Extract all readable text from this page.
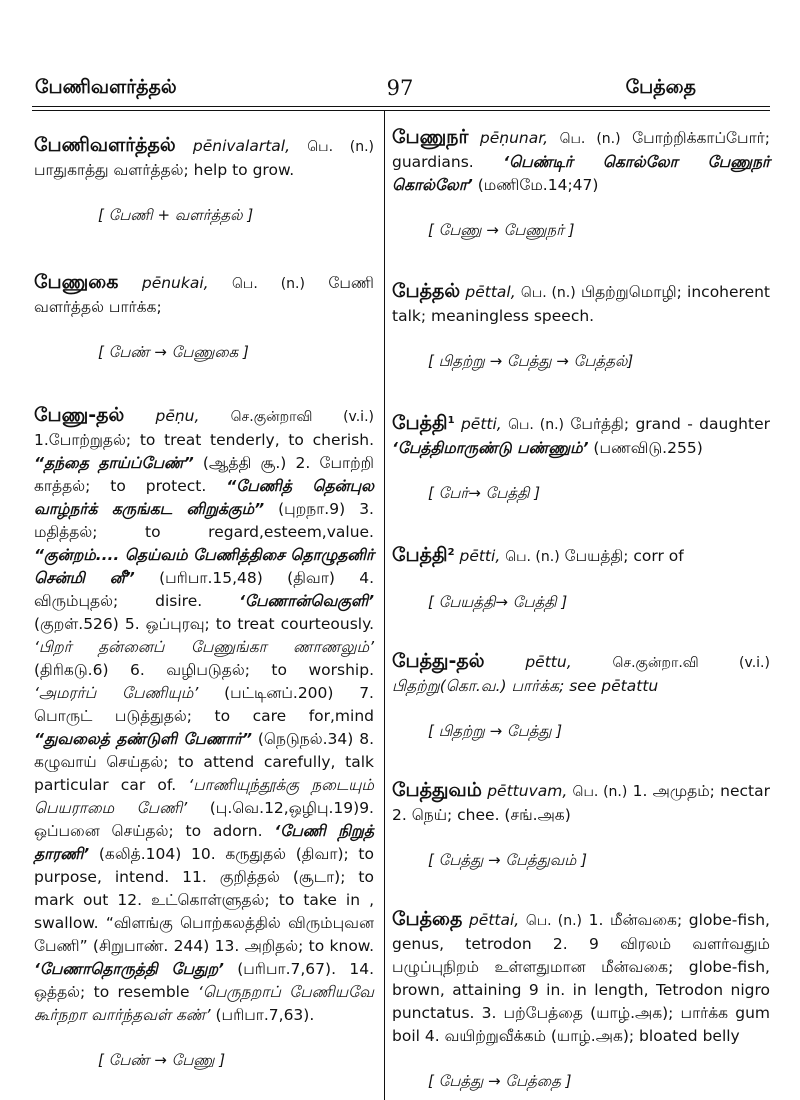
பேணிவளர்த்தல்	97	பேத்தை
பேணிவளர்த்தல் pēnivalartal, பெ. (n.) பாதுகாத்து வளர்த்தல்; help to grow.
[ பேணி + வளர்த்தல் ]
பேணுகை pēnukai, பெ. (n.) பேணி வளர்த்தல் பார்க்க;
[ பேண் → பேணுகை ]
பேணு-தல் pēṇu, செ.குன்றாவி (v.i.) 1.போற்றுதல்; to treat tenderly, to cherish. “தந்தை தாய்ப்பேண்” (ஆத்தி சூ.) 2. போற்றி காத்தல்; to protect. “பேணித் தென்புல வாழ்நர்க் கருங்கட னிறுக்கும்” (புறநா.9) 3. மதித்தல்; to regard,esteem,value. “குன்றம்.... தெய்வம் பேணித்திசை தொழுதனிர் சென்மி னீ” (பரிபா.15,48) (திவா) 4. விரும்புதல்; disire. ‘பேணான்வெகுளி’ (குறள்.526) 5. ஒப்புரவு; to treat courteously. ‘பிறர் தன்னைப் பேணுங்கா ணாணலும்’ (திரிகடு.6) 6. வழிபடுதல்; to worship. ‘அமரர்ப் பேணியும்’ (பட்டினப்.200) 7. பொருட் படுத்துதல்; to care for,mind “துவலைத் தண்டுளி பேணார்” (நெடுநல்.34) 8. கழுவாய் செய்தல்; to attend carefully, talk particular car of. ‘பாணியுந்தூக்கு நடையும் பெயராமை பேணி’ (பு.வெ.12,ஒழிபு.19)9. ஒப்பனை செய்தல்; to adorn. ‘பேணி நிறுத் தாரணி’ (கலித்.104) 10. கருதுதல் (திவா); to purpose, intend. 11. குறித்தல் (சூடா); to mark out 12. உட்கொள்ளுதல்; to take in , swallow. “விளங்கு பொற்கலத்தில் விரும்புவன பேணி” (சிறுபாண். 244) 13. அறிதல்; to know. ‘பேணாதொருத்தி பேதுற’ (பரிபா.7,67). 14. ஒத்தல்; to resemble ‘பெருநறாப் பேணியவே கூர்நறா வார்ந்தவள் கண்’ (பரிபா.7,63).
[ பேண் → பேணு ]
பேணுநர் pēṇunar, பெ. (n.) போற்றிக்காப்போர்; guardians. ‘பெண்டிர் கொல்லோ பேணுநர் கொல்லோ’ (மணிமே.14;47)
[ பேணு → பேணுநர் ]
பேத்தல் pēttal, பெ. (n.) பிதற்றுமொழி; incoherent talk; meaningless speech.
[ பிதற்று → பேத்து → பேத்தல்]
பேத்தி$^1$ pētti, பெ. (n.) பேர்த்தி; grand - daughter ‘பேத்திமாருண்டு பண்ணும்’ (பணவிடு.255)
[ பேர்→ பேத்தி ]
பேத்தி$^2$ pētti, பெ. (n.) பேயத்தி; corr of
[ பேயத்தி→ பேத்தி ]
பேத்து-தல்	pēttu,	செ.குன்றா.வி (v.i.) பிதற்று(கொ.வ.) பார்க்க; see pētattu
[ பிதற்று → பேத்து ]
பேத்துவம் pēttuvam, பெ. (n.) 1. அமுதம்; nectar 2. நெய்; chee. (சங்.அக)
[ பேத்து → பேத்துவம் ]
பேத்தை pēttai, பெ. (n.) 1. மீன்வகை; globe-fish, genus, tetrodon 2. 9 விரலம் வளர்வதும் பழுப்புநிறம் உள்ளதுமான மீன்வகை; globe-fish, brown, attaining 9 in. in length, Tetrodon nigro punctatus. 3. பற்பேத்தை (யாழ்.அக); பார்க்க gum boil 4. வயிற்றுவீக்கம் (யாழ்.அக); bloated belly
[ பேத்து → பேத்தை ]
